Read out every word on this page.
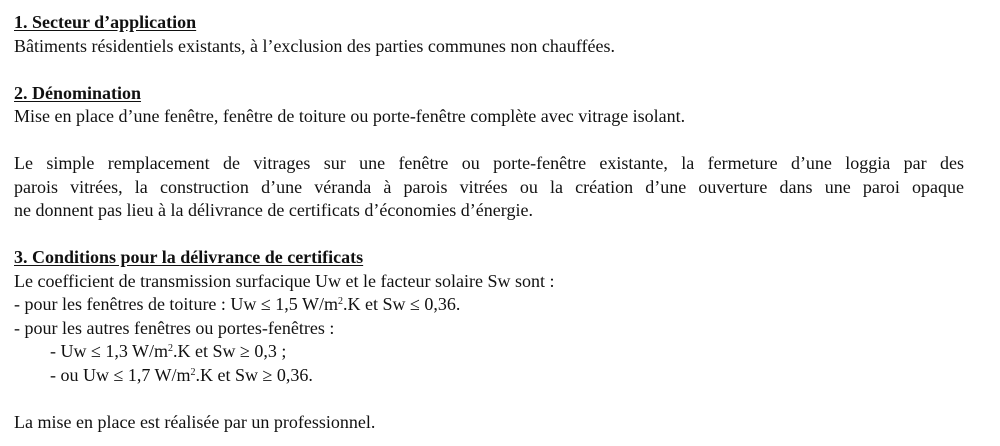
1. Secteur d’application
Bâtiments résidentiels existants, à l’exclusion des parties communes non chauffées.
2. Dénomination
Mise en place d’une fenêtre, fenêtre de toiture ou porte-fenêtre complète avec vitrage isolant.
Le simple remplacement de vitrages sur une fenêtre ou porte-fenêtre existante, la fermeture d’une loggia par des
parois vitrées, la construction d’une véranda à parois vitrées ou la création d’une ouverture dans une paroi opaque
ne donnent pas lieu à la délivrance de certificats d’économies d’énergie.
3. Conditions pour la délivrance de certificats
Le coefficient de transmission surfacique Uw et le facteur solaire Sw sont :
- pour les fenêtres de toiture : Uw ≤ 1,5 $W/m^2.K$ et Sw ≤ 0,36.
- pour les autres fenêtres ou portes-fenêtres :
- Uw ≤ 1,3 $W/m^2.K$ et Sw ≥ 0,3 ;
- ou Uw ≤ 1,7 $W/m^2.K$ et Sw ≥ 0,36.
La mise en place est réalisée par un professionnel.
